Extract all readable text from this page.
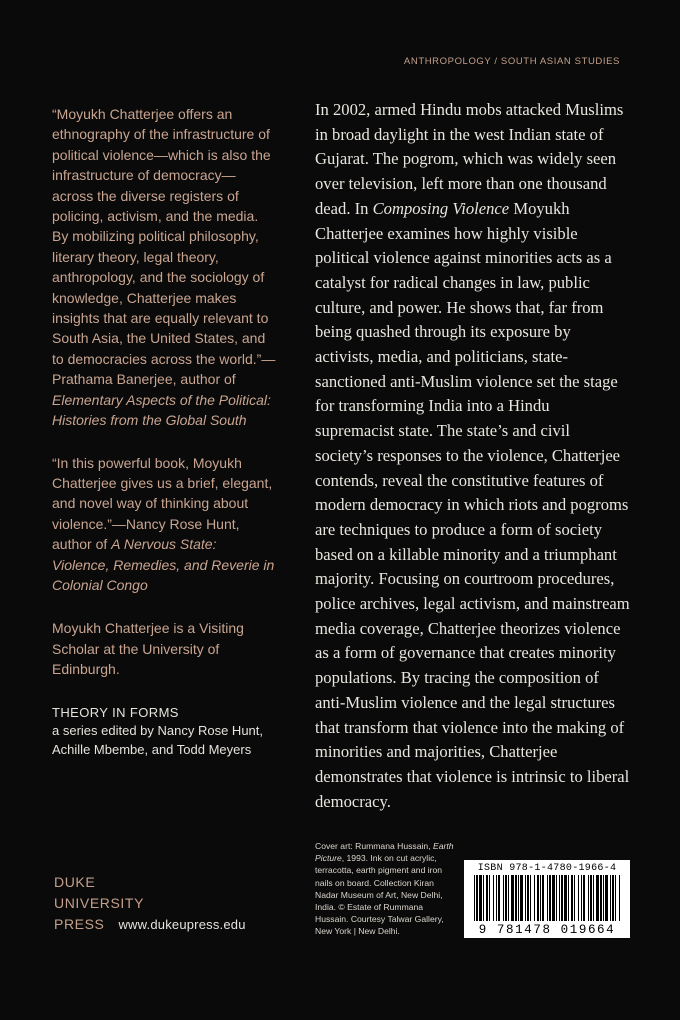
ANTHROPOLOGY / SOUTH ASIAN STUDIES

“Moyukh Chatterjee offers an ethnography of the infrastructure of political violence—which is also the infrastructure of democracy—across the diverse registers of policing, activism, and the media. By mobilizing political philosophy, literary theory, legal theory, anthropology, and the sociology of knowledge, Chatterjee makes insights that are equally relevant to South Asia, the United States, and to democracies across the world.”—Prathama Banerjee, author of Elementary Aspects of the Political: Histories from the Global South

“In this powerful book, Moyukh Chatterjee gives us a brief, elegant, and novel way of thinking about violence.”—Nancy Rose Hunt, author of A Nervous State: Violence, Remedies, and Reverie in Colonial Congo

Moyukh Chatterjee is a Visiting Scholar at the University of Edinburgh.

THEORY IN FORMS
a series edited by Nancy Rose Hunt,
Achille Mbembe, and Todd Meyers
DUKE
UNIVERSITY
PRESS www.dukeupress.edu
In 2002, armed Hindu mobs attacked Muslims in broad daylight in the west Indian state of Gujarat. The pogrom, which was widely seen over television, left more than one thousand dead. In Composing Violence Moyukh Chatterjee examines how highly visible political violence against minorities acts as a catalyst for radical changes in law, public culture, and power. He shows that, far from being quashed through its exposure by activists, media, and politicians, state-sanctioned anti-Muslim violence set the stage for transforming India into a Hindu supremacist state. The state’s and civil society’s responses to the violence, Chatterjee contends, reveal the constitutive features of modern democracy in which riots and pogroms are techniques to produce a form of society based on a killable minority and a triumphant majority. Focusing on courtroom procedures, police archives, legal activism, and mainstream media coverage, Chatterjee theorizes violence as a form of governance that creates minority populations. By tracing the composition of anti-Muslim violence and the legal structures that transform that violence into the making of minorities and majorities, Chatterjee demonstrates that violence is intrinsic to liberal democracy.
Cover art: Rummana Hussain, Earth Picture, 1993. Ink on cut acrylic, terracotta, earth pigment and iron nails on board. Collection Kiran Nadar Museum of Art, New Delhi, India. © Estate of Rummana Hussain. Courtesy Talwar Gallery, New York | New Delhi.
ISBN 978-1-4780-1966-4
9 781478 019664
